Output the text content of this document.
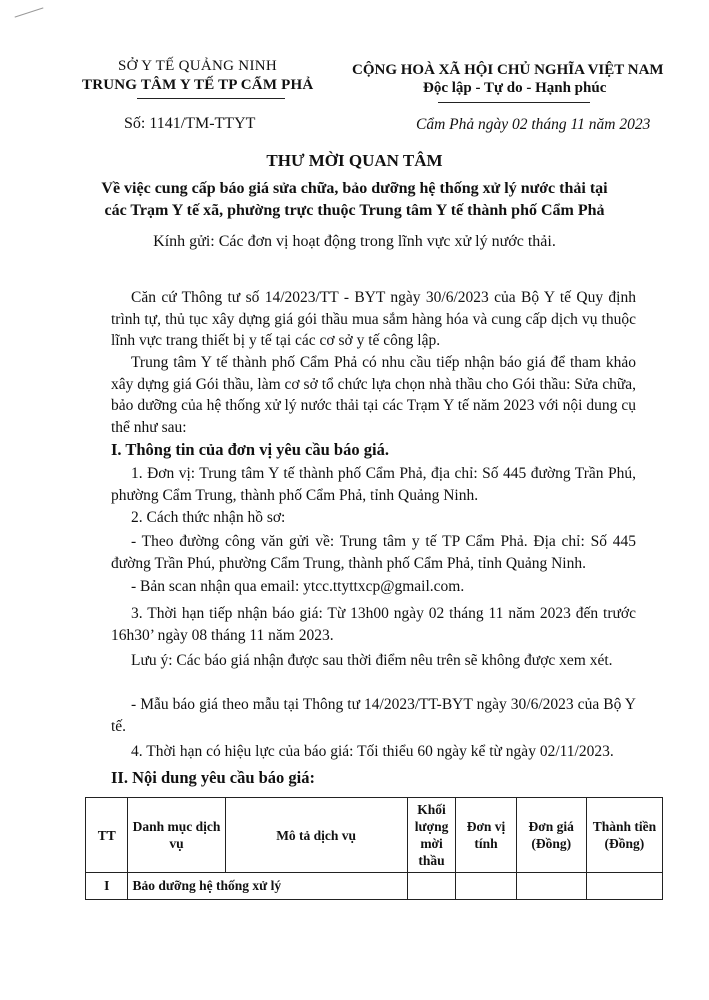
SỞ Y TẾ QUẢNG NINH
TRUNG TÂM Y TẾ TP CẨM PHẢ
CỘNG HOÀ XÃ HỘI CHỦ NGHĨA VIỆT NAM
Độc lập - Tự do - Hạnh phúc
Số: 1141/TM-TTYT	Cẩm Phả ngày 02 tháng 11 năm 2023
THƯ MỜI QUAN TÂM
Về việc cung cấp báo giá sửa chữa, bảo dưỡng hệ thống xử lý nước thải tại
các Trạm Y tế xã, phường trực thuộc Trung tâm Y tế thành phố Cẩm Phả
Kính gửi: Các đơn vị hoạt động trong lĩnh vực xử lý nước thải.
Căn cứ Thông tư số 14/2023/TT - BYT ngày 30/6/2023 của Bộ Y tế Quy định trình tự, thủ tục xây dựng giá gói thầu mua sắm hàng hóa và cung cấp dịch vụ thuộc lĩnh vực trang thiết bị y tế tại các cơ sở y tế công lập.
Trung tâm Y tế thành phố Cẩm Phả có nhu cầu tiếp nhận báo giá để tham khảo xây dựng giá Gói thầu, làm cơ sở tổ chức lựa chọn nhà thầu cho Gói thầu: Sửa chữa, bảo dưỡng của hệ thống xử lý nước thải tại các Trạm Y tế năm 2023 với nội dung cụ thể như sau:
I. Thông tin của đơn vị yêu cầu báo giá.
1. Đơn vị: Trung tâm Y tế thành phố Cẩm Phả, địa chỉ: Số 445 đường Trần Phú, phường Cẩm Trung, thành phố Cẩm Phả, tỉnh Quảng Ninh.
2. Cách thức nhận hồ sơ:
- Theo đường công văn gửi về: Trung tâm y tế TP Cẩm Phả. Địa chỉ: Số 445 đường Trần Phú, phường Cẩm Trung, thành phố Cẩm Phả, tỉnh Quảng Ninh.
- Bản scan nhận qua email: ytcc.ttyttxcp@gmail.com.
3. Thời hạn tiếp nhận báo giá: Từ 13h00 ngày 02 tháng 11 năm 2023 đến trước 16h30’ ngày 08 tháng 11 năm 2023.
Lưu ý: Các báo giá nhận được sau thời điểm nêu trên sẽ không được xem xét.
- Mẫu báo giá theo mẫu tại Thông tư 14/2023/TT-BYT ngày 30/6/2023 của Bộ Y tế.
4. Thời hạn có hiệu lực của báo giá: Tối thiểu 60 ngày kể từ ngày 02/11/2023.
II. Nội dung yêu cầu báo giá:
TT	Danh mục dịch vụ	Mô tả dịch vụ	Khối lượng mời thầu	Đơn vị tính	Đơn giá (Đồng)	Thành tiền (Đồng)
I	Bảo dưỡng hệ thống xử lý					
